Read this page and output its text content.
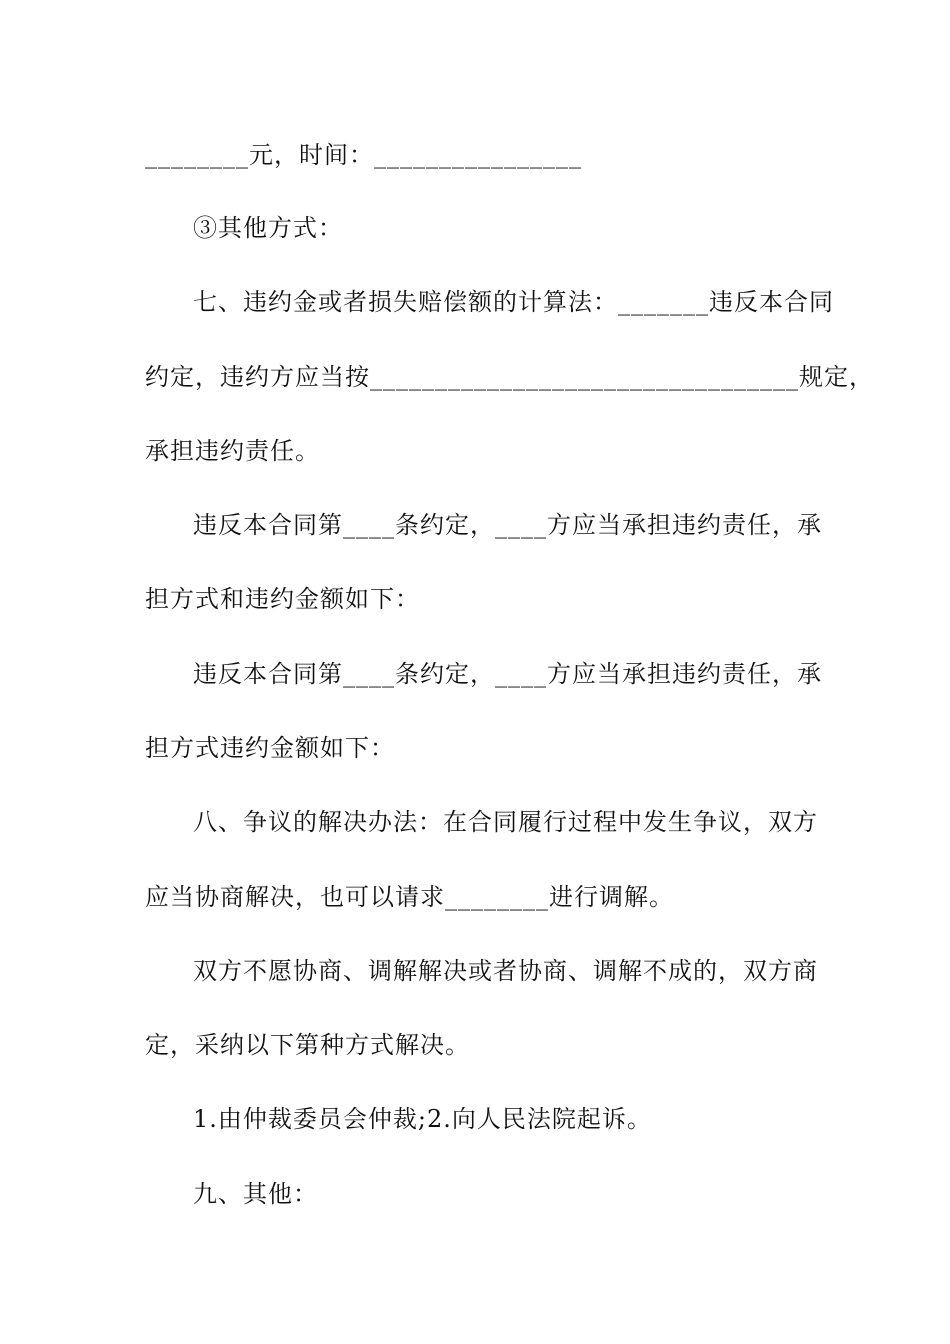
________元，时间：________________
③其他方式：
七、违约金或者损失赔偿额的计算法：_______违反本合同
约定，违约方应当按_________________________________规定，
承担违约责任。
违反本合同第____条约定，____方应当承担违约责任，承
担方式和违约金额如下：
违反本合同第____条约定，____方应当承担违约责任，承
担方式违约金额如下：
八、争议的解决办法：在合同履行过程中发生争议，双方
应当协商解决，也可以请求________进行调解。
双方不愿协商、调解解决或者协商、调解不成的，双方商
定，采纳以下第种方式解决。
1.由仲裁委员会仲裁;2.向人民法院起诉。
九、其他：
